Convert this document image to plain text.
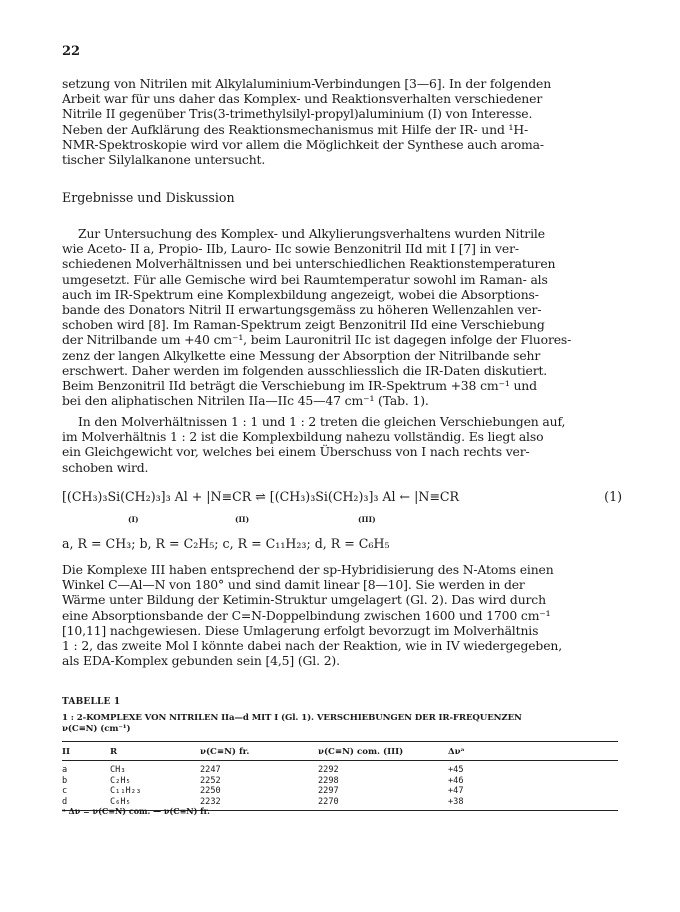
22

setzung von Nitrilen mit Alkylaluminium-Verbindungen [3—6]. In der folgenden

Arbeit war für uns daher das Komplex- und Reaktionsverhalten verschiedener

Nitrile II gegenüber Tris(3-trimethylsilyl-propyl)aluminium (I) von Interesse.

Neben der Aufklärung des Reaktionsmechanismus mit Hilfe der IR- und ¹H-

NMR-Spektroskopie wird vor allem die Möglichkeit der Synthese auch aroma-

tischer Silylalkanone untersucht.

Ergebnisse und Diskussion

Zur Untersuchung des Komplex- und Alkylierungsverhaltens wurden Nitrile

wie Aceto- II a, Propio- IIb, Lauro- IIc sowie Benzonitril IId mit I [7] in ver-

schiedenen Molverhältnissen und bei unterschiedlichen Reaktionstemperaturen

umgesetzt. Für alle Gemische wird bei Raumtemperatur sowohl im Raman- als

auch im IR-Spektrum eine Komplexbildung angezeigt, wobei die Absorptions-

bande des Donators Nitril II erwartungsgemäss zu höheren Wellenzahlen ver-

schoben wird [8]. Im Raman-Spektrum zeigt Benzonitril IId eine Verschiebung

der Nitrilbande um +40 cm⁻¹, beim Lauronitril IIc ist dagegen infolge der Fluores-

zenz der langen Alkylkette eine Messung der Absorption der Nitrilbande sehr

erschwert. Daher werden im folgenden ausschliesslich die IR-Daten diskutiert.

Beim Benzonitril IId beträgt die Verschiebung im IR-Spektrum +38 cm⁻¹ und

bei den aliphatischen Nitrilen IIa—IIc 45—47 cm⁻¹ (Tab. 1).

In den Molverhältnissen 1 : 1 und 1 : 2 treten die gleichen Verschiebungen auf,

im Molverhältnis 1 : 2 ist die Komplexbildung nahezu vollständig. Es liegt also

ein Gleichgewicht vor, welches bei einem Überschuss von I nach rechts ver-

schoben wird.

[(CH₃)₃Si(CH₂)₃]₃ Al + |N≡CR ⇌ [(CH₃)₃Si(CH₂)₃]₃ Al ← |N≡CR	(1)
(I)	(II)	(III)
a, R = CH₃; b, R = C₂H₅; c, R = C₁₁H₂₃; d, R = C₆H₅

Die Komplexe III haben entsprechend der sp-Hybridisierung des N-Atoms einen

Winkel C—Al—N von 180° und sind damit linear [8—10]. Sie werden in der

Wärme unter Bildung der Ketimin-Struktur umgelagert (Gl. 2). Das wird durch

eine Absorptionsbande der C=N-Doppelbindung zwischen 1600 und 1700 cm⁻¹

[10,11] nachgewiesen. Diese Umlagerung erfolgt bevorzugt im Molverhältnis

1 : 2, das zweite Mol I könnte dabei nach der Reaktion, wie in IV wiedergegeben,

als EDA-Komplex gebunden sein [4,5] (Gl. 2).

TABELLE 1
1 : 2-KOMPLEXE VON NITRILEN IIa—d MIT I (Gl. 1). VERSCHIEBUNGEN DER IR-FREQUENZEN
ν(C≡N) (cm⁻¹)
II	R	ν(C≡N) fr.	ν(C≡N) com. (III)	Δνᵃ
a	CH₃	2247	2292	+45
b	C₂H₅	2252	2298	+46
c	C₁₁H₂₃	2250	2297	+47
d	C₆H₅	2232	2270	+38
ᵃ Δν = ν(C≡N) com. — ν(C≡N) fr.
